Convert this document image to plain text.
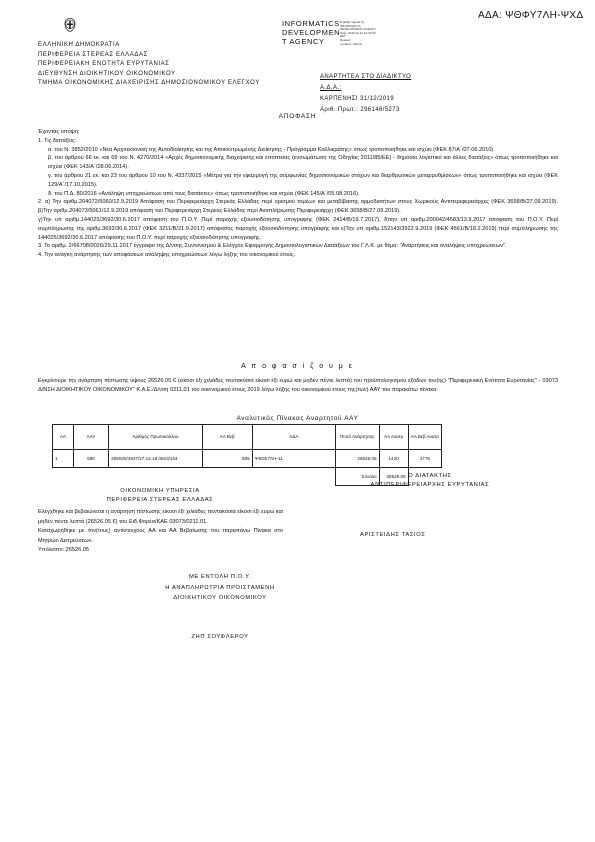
ΑΔΑ: ΨΘΦΥ7ΛΗ-ΨΧΔ
ΕΛΛΗΝΙΚΗ ΔΗΜΟΚΡΑΤΙΑ
ΠΕΡΙΦΕΡΕΙΑ ΣΤΕΡΕΑΣ ΕΛΛΑΔΑΣ
ΠΕΡΙΦΕΡΕΙΑΚΗ ΕΝΟΤΗΤΑ ΕΥΡΥΤΑΝΙΑΣ
ΔΙΕΥΘΥΝΣΗ ΔΙΟΙΚΗΤΙΚΟΥ ΟΙΚΟΝΟΜΙΚΟΥ
ΤΜΗΜΑ ΟΙΚΟΝΟΜΙΚΗΣ ΔΙΑΧΕΙΡΙΣΗΣ ΔΗΜΟΣΙΟΝΟΜΙΚΟΥ ΕΛΕΓΧΟΥ
INFORMATICS
DEVELOPMEN
T AGENCY
Digitally signed by
INFORMATICS
DEVELOPMENT AGENCY
Date: 2019.12.31 12:22:52
EET
Reason:
Location: Athens
ΑΝΑΡΤΗΤΕΑ ΣΤΟ ΔΙΑΔΙΚΤΥΟ
Α.Δ.Α.:
ΚΑΡΠΕΝΗΣΙ 31/12/2019
Αριθ. Πρωτ.: 296146/5273
ΑΠΟΦΑΣΗ
Έχοντας υπόψη:
1. Τις διατάξεις:
α. του Ν. 3852/2010 «Νέα Αρχιτεκτονική της Αυτοδιοίκησης και της Αποκεντρωμένης Διοίκησης - Πρόγραμμα Καλλικράτης» όπως τροποποιήθηκε και ισχύει (ΦΕΚ 87/Α΄/07.06.2010).
β. του άρθρου 66 εκ. και 69 του Ν. 4270/2014 «Αρχές δημοσιονομικής διαχείρισης και εποπτείας (ενσωμάτωση της Οδηγίας 2011/85/ΕΕ) - δημόσιο λογιστικό και άλλες διατάξεις» όπως τροποποιήθηκε και ισχύει (ΦΕΚ 143/Α΄/28.06.2014).
γ. του άρθρου 21 εκ. και 23 του άρθρου 10 του Ν. 4337/2015 «Μέτρα για την εφαρμογή της συμφωνίας δημοσιονομικών στόχων και διαρθρωτικών μεταρρυθμίσεων» όπως τροποποιήθηκε και ισχύει (ΦΕΚ 129/Α΄/17.10.2015).
δ. του Π.Δ. 80/2016 «Ανάληψη υποχρεώσεων από τους διατάκτες» όπως τροποποιήθηκε και ισχύει (ΦΕΚ 145/Α΄/05.08.2016).
2. α) Την αριθμ.204072/5060/12.9.2019 Απόφαση του Περιφερειάρχη Στερεάς Ελλάδας περί ορισμού τομέων και μεταβίβασης αρμοδιοτήτων στους Χωρικούς Αντιπεριφερειάρχες (ΦΕΚ 3658/Β/27.09.2019). β)Την αριθμ.204073/5061/12.9.2019 απόφαση του Περιφερειάρχη Στερεάς Ελλάδας περί Αναπλήρωσης Περιφερειάρχη (ΦΕΚ 3658/Β/27.09.2019).
γ)Την υπ αριθμ.144025/3692/30.6.2017 απόφαση του Π.Ο.Υ. Περί παροχής εξουσιοδότησης υπογραφής (ΦΕΚ 2414/Β/19.7.2017), δ)την υπ αριθμ.200042/4583/13.9.2017 απόφαση του Π.Ο.Υ. Περί συμπλήρωσης της αριθμ.3692/30.6.2017 (ΦΕΚ 3211/Β/21.9.2017) απόφασης παροχής εξουσιοδότησης υπογραφής και ε)Την υπ αριθμ.152143/3922.9.2019 (ΦΕΚ 4561/Β/18.2.2019) περί συμπλήρωσης της 144025/3692/30.6.2017 απόφασης του Π.Ο.Υ. περί παροχής εξουσιοδότησης υπογραφής.
3. Το αριθμ. 2/66708/0026/29.11.2017 έγγραφο της Δ/νσης Συντονισμού & Ελέγχου Εφαρμογής Δημοσιολογιστικών Διατάξεων του Γ.Λ.Κ. με θέμα: "Αναρτήσεις και αναλήψεις υποχρεώσεων".
4. Την ανάγκη ανάρτησης των αποφάσεων ανάληψης υποχρεώσεων λόγω λήξης του οικονομικού έτους.
Α π ο φ α σ ί ζ ο υ μ ε
Εγκρίνουμε την ανάρτηση πίστωσης ύψους 26526.05 € (είκοσι έξι χιλιάδες πεντακόσια είκοσι έξι ευρώ και μηδέν πέντε λεπτά) του προϋπολογισμού εξόδων του(ης) "Περιφερειακή Ενότητα Ευρυτανίας" - 03073 Δ/ΝΣΗ ΔΙΟΙΚΗΤΙΚΟΥ ΟΙΚΟΝΟΜΙΚΟΥ" Κ.Α.Ε./Δ/νση 0211.01 του οικονομικού έτους 2019 λόγω λήξης του οικονομικού έτους της(των) ΑΑΥ του παρακάτω πίνακα:
Αναλυτικός Πίνακας Αναρτητού ΑΑΥ
ΑΑ	ΑΑΥ	Αριθμός Πρωτοκόλλου	ΑΑ Βεβ	ΑΔΑ	Ποσό Ανάρτησης	ΑΑ Ανατρ	ΑΑ Βεβ Ανατρ
1	580	206020/4837/27.12.18 4823/104	605	Ψ6ΘΣ7ΛΗ-11	26526.05	1420	4775
					Σύνολο	26526.05	
ΟΙΚΟΝΟΜΙΚΗ ΥΠΗΡΕΣΙΑ
ΠΕΡΙΦΕΡΕΙΑ ΣΤΕΡΕΑΣ ΕΛΛΑΔΑΣ
Ο ΔΙΑΤΑΚΤΗΣ
ΑΝΤΙΠΕΡΙΦΕΡΕΙΑΡΧΗΣ ΕΥΡΥΤΑΝΙΑΣ
Ελέγχθηκε και βεβαιώνεται η ανάρτηση πίστωσης είκοσι έξι χιλιάδες πεντακόσια είκοσι έξι ευρώ και μηδέν πέντε λεπτά (26526.05 €) του Ειδ.Φορέα/ΚΑΕ 03073/0211.01.
Καταχωρήθηκε με τον(τους) αντίστοιχους ΑΑ και ΑΑ Βεβαίωσης του παραπάνω Πίνακα στο Μητρώο Δεσμεύσεων.
Υπόλοιπο: 26526.05
ΑΡΙΣΤΕΙΔΗΣ ΤΑΣΙΟΣ
ΜΕ ΕΝΤΟΛΗ Π.Ο.Υ.
Η ΑΝΑΠΛΗΡΩΤΡΙΑ ΠΡΟΙΣΤΑΜΕΝΗ
ΔΙΟΙΚΗΤΙΚΟΥ ΟΙΚΟΝΟΜΙΚΟΥ
ΖΗΠ ΣΟΥΦΛΕΡΟΥ
